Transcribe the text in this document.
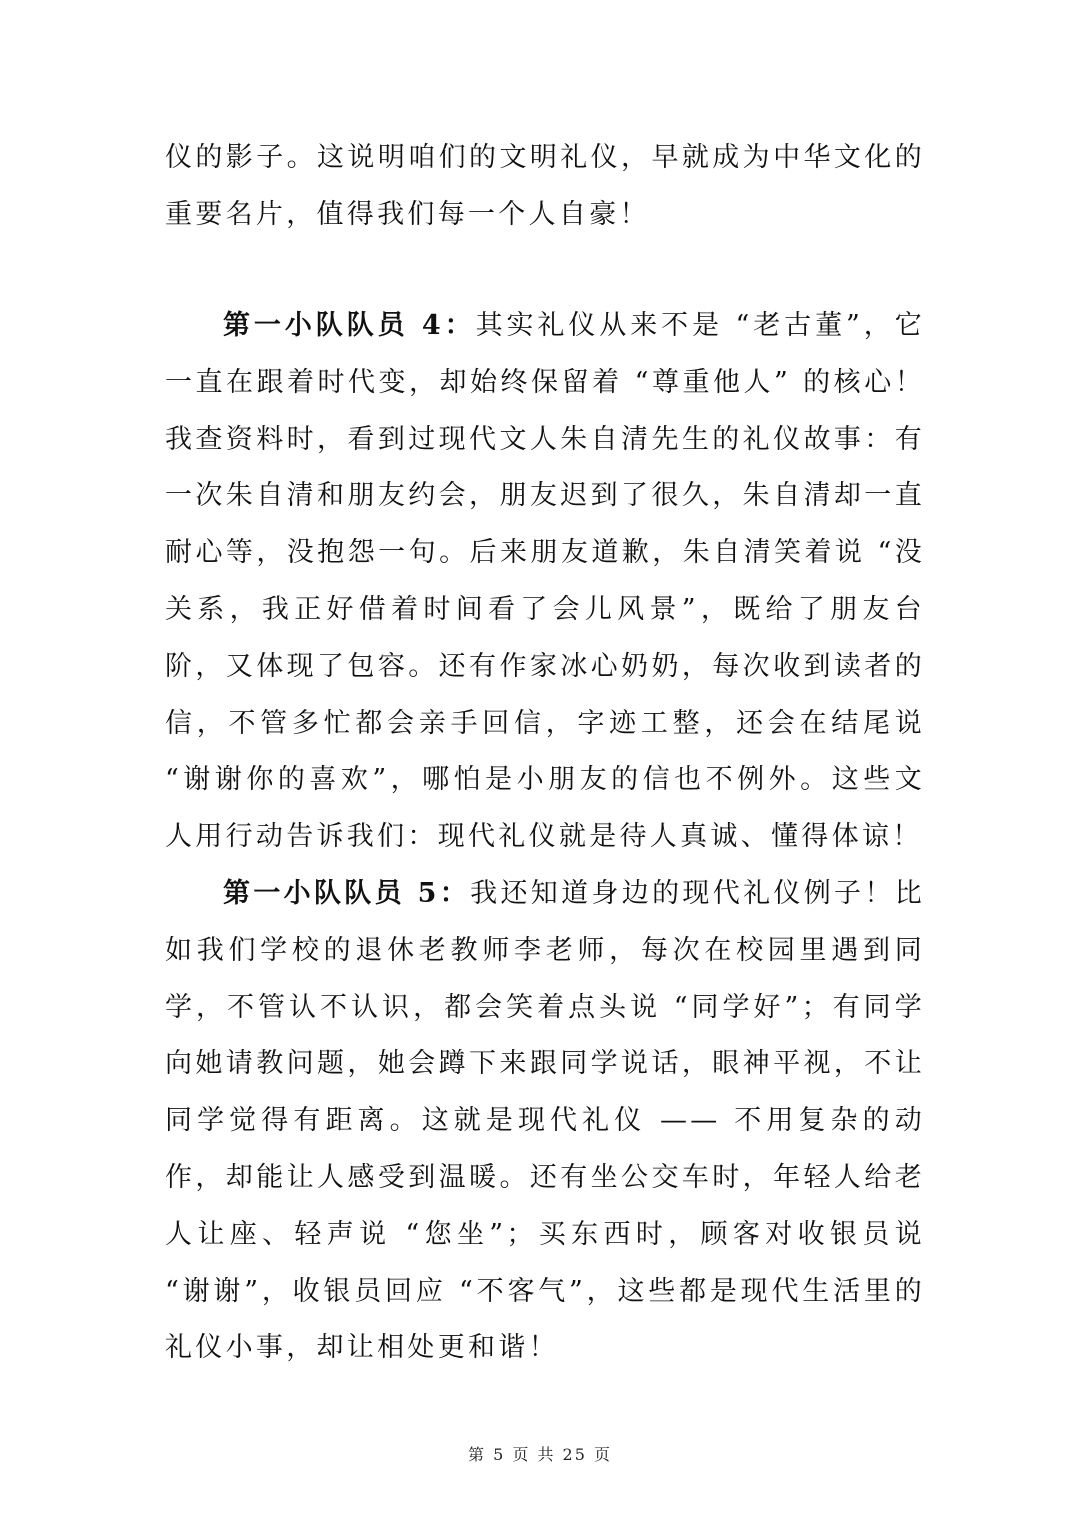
仪的影子。这说明咱们的文明礼仪，早就成为中华文化的重要名片，值得我们每一个人自豪！
第一小队队员 4：其实礼仪从来不是 “老古董”，它一直在跟着时代变，却始终保留着 “尊重他人” 的核心！我查资料时，看到过现代文人朱自清先生的礼仪故事：有一次朱自清和朋友约会，朋友迟到了很久，朱自清却一直耐心等，没抱怨一句。后来朋友道歉，朱自清笑着说 “没关系，我正好借着时间看了会儿风景”，既给了朋友台阶，又体现了包容。还有作家冰心奶奶，每次收到读者的信，不管多忙都会亲手回信，字迹工整，还会在结尾说 “谢谢你的喜欢”，哪怕是小朋友的信也不例外。这些文人用行动告诉我们：现代礼仪就是待人真诚、懂得体谅！
第一小队队员 5：我还知道身边的现代礼仪例子！比如我们学校的退休老教师李老师，每次在校园里遇到同学，不管认不认识，都会笑着点头说 “同学好”；有同学向她请教问题，她会蹲下来跟同学说话，眼神平视，不让同学觉得有距离。这就是现代礼仪 —— 不用复杂的动作，却能让人感受到温暖。还有坐公交车时，年轻人给老人让座、轻声说 “您坐”；买东西时，顾客对收银员说 “谢谢”，收银员回应 “不客气”，这些都是现代生活里的礼仪小事，却让相处更和谐！
第 5 页 共 25 页
